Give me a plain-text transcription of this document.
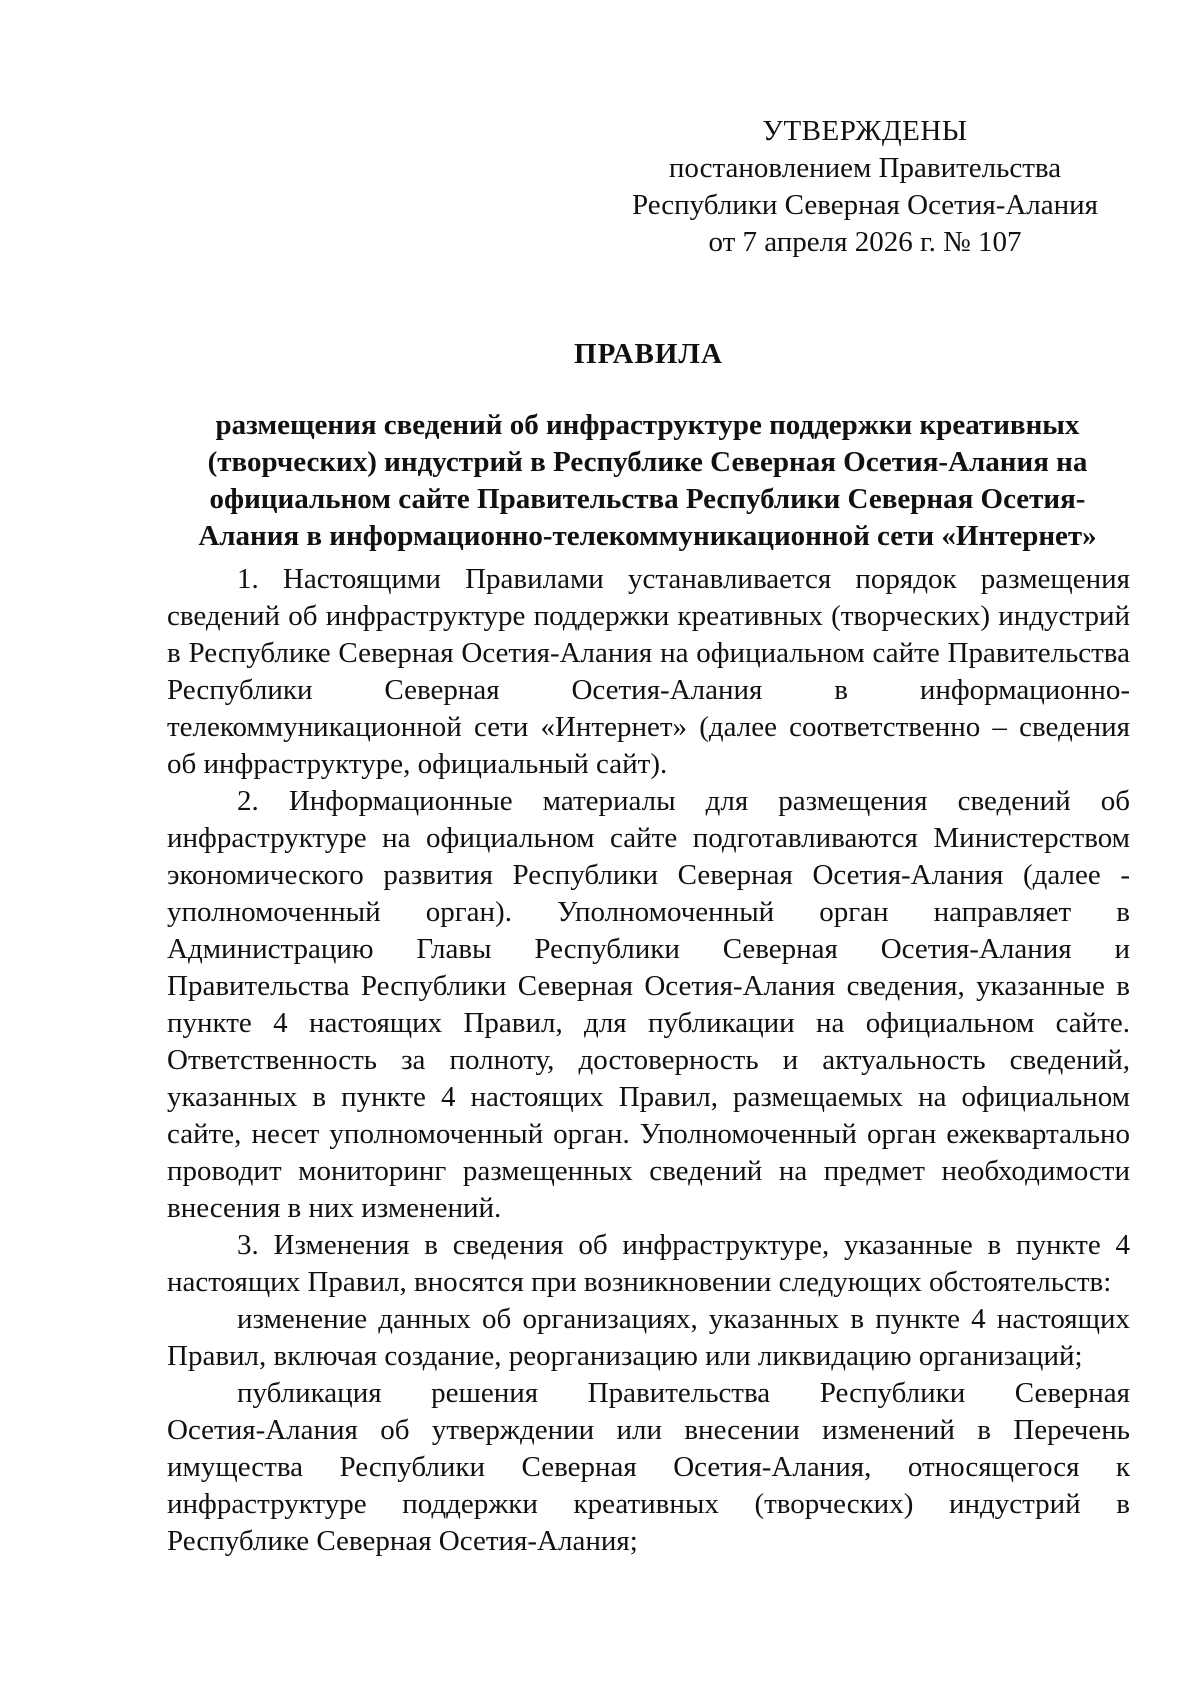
УТВЕРЖДЕНЫ
постановлением Правительства
Республики Северная Осетия-Алания
от 7 апреля 2026 г. № 107
ПРАВИЛА
размещения сведений об инфраструктуре поддержки креативных
(творческих) индустрий в Республике Северная Осетия-Алания на
официальном сайте Правительства Республики Северная Осетия-
Алания в информационно-телекоммуникационной сети «Интернет»
1. Настоящими Правилами устанавливается порядок размещения
сведений об инфраструктуре поддержки креативных (творческих) индустрий
в Республике Северная Осетия-Алания на официальном сайте Правительства
Республики Северная Осетия-Алания в информационно-
телекоммуникационной сети «Интернет» (далее соответственно – сведения
об инфраструктуре, официальный сайт).
2. Информационные материалы для размещения сведений об
инфраструктуре на официальном сайте подготавливаются Министерством
экономического развития Республики Северная Осетия-Алания (далее -
уполномоченный орган). Уполномоченный орган направляет в
Администрацию Главы Республики Северная Осетия-Алания и
Правительства Республики Северная Осетия-Алания сведения, указанные в
пункте 4 настоящих Правил, для публикации на официальном сайте.
Ответственность за полноту, достоверность и актуальность сведений,
указанных в пункте 4 настоящих Правил, размещаемых на официальном
сайте, несет уполномоченный орган. Уполномоченный орган ежеквартально
проводит мониторинг размещенных сведений на предмет необходимости
внесения в них изменений.
3. Изменения в сведения об инфраструктуре, указанные в пункте 4
настоящих Правил, вносятся при возникновении следующих обстоятельств:
изменение данных об организациях, указанных в пункте 4 настоящих
Правил, включая создание, реорганизацию или ликвидацию организаций;
публикация решения Правительства Республики Северная
Осетия-Алания об утверждении или внесении изменений в Перечень
имущества Республики Северная Осетия-Алания, относящегося к
инфраструктуре поддержки креативных (творческих) индустрий в
Республике Северная Осетия-Алания;
